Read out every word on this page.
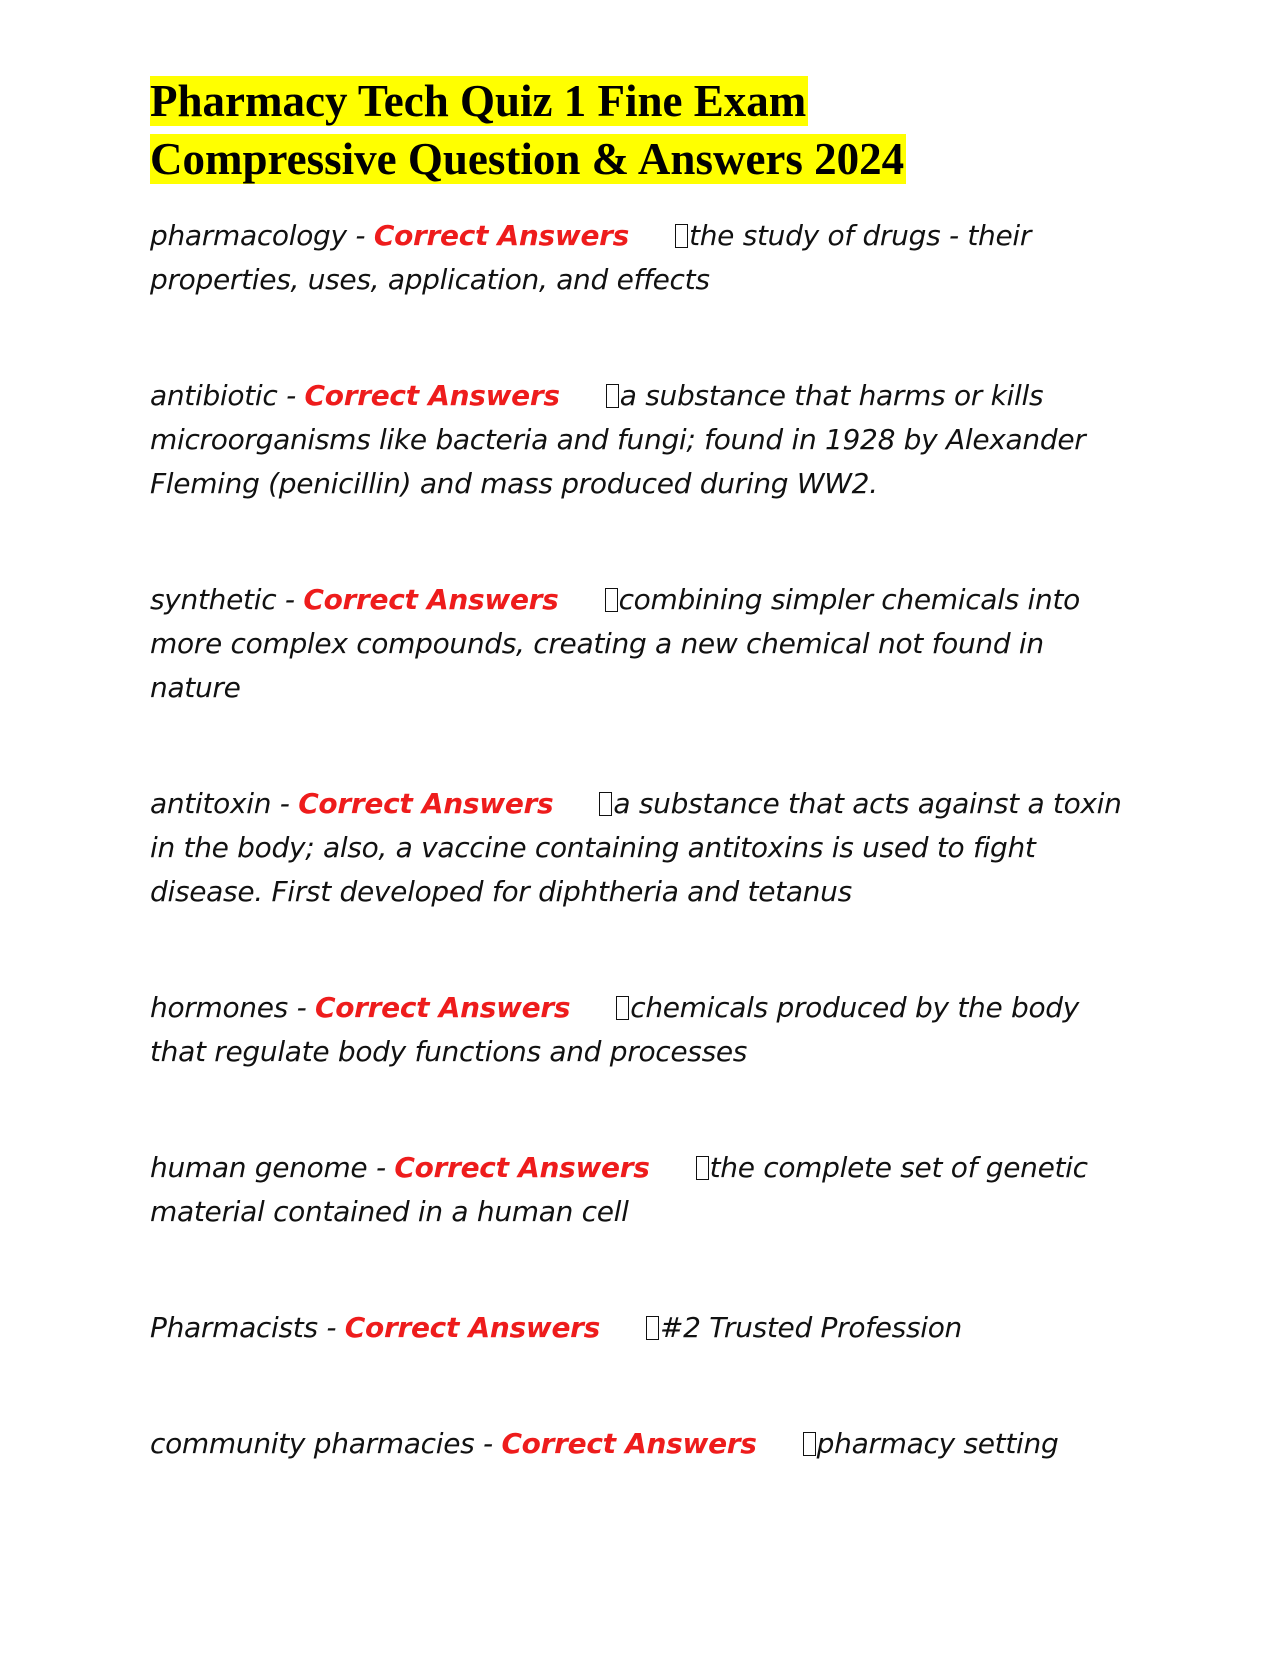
Pharmacy Tech Quiz 1 Fine Exam
Compressive Question & Answers 2024

pharmacology - Correct Answers the study of drugs - their properties, uses, application, and effects

antibiotic - Correct Answers a substance that harms or kills microorganisms like bacteria and fungi; found in 1928 by Alexander Fleming (penicillin) and mass produced during WW2.

synthetic - Correct Answers combining simpler chemicals into more complex compounds, creating a new chemical not found in nature

antitoxin - Correct Answers a substance that acts against a toxin in the body; also, a vaccine containing antitoxins is used to fight disease. First developed for diphtheria and tetanus

hormones - Correct Answers chemicals produced by the body that regulate body functions and processes

human genome - Correct Answers the complete set of genetic material contained in a human cell

Pharmacists - Correct Answers #2 Trusted Profession

community pharmacies - Correct Answers pharmacy setting
